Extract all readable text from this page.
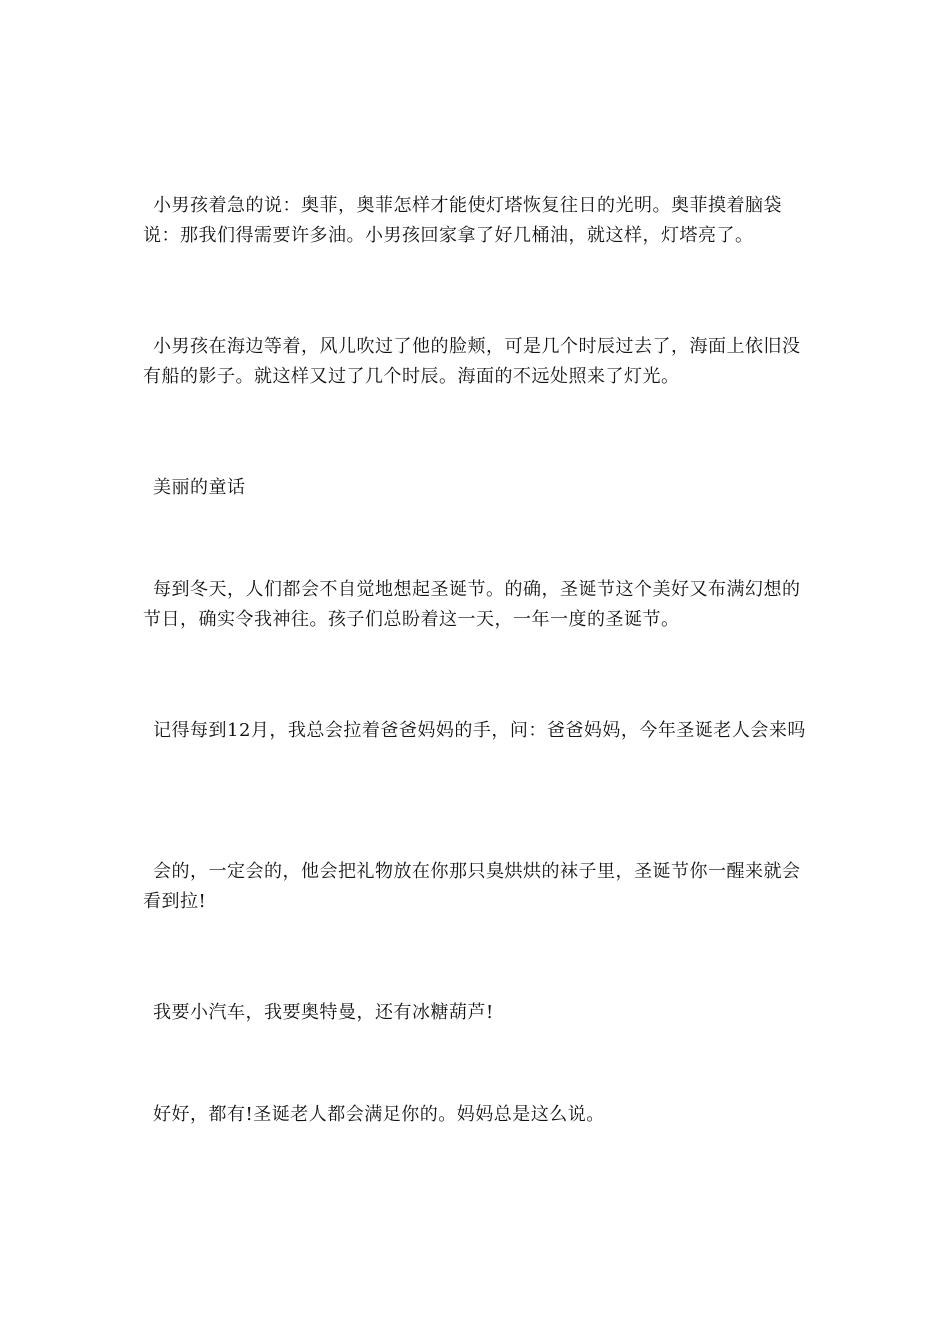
小男孩着急的说：奥菲，奥菲怎样才能使灯塔恢复往日的光明。奥菲摸着脑袋说：那我们得需要许多油。小男孩回家拿了好几桶油，就这样，灯塔亮了。

小男孩在海边等着，风儿吹过了他的脸颊，可是几个时辰过去了，海面上依旧没有船的影子。就这样又过了几个时辰。海面的不远处照来了灯光。

美丽的童话

每到冬天，人们都会不自觉地想起圣诞节。的确，圣诞节这个美好又布满幻想的节日，确实令我神往。孩子们总盼着这一天，一年一度的圣诞节。

记得每到12月，我总会拉着爸爸妈妈的手，问：爸爸妈妈，今年圣诞老人会来吗

会的，一定会的，他会把礼物放在你那只臭烘烘的袜子里，圣诞节你一醒来就会看到拉!

我要小汽车，我要奥特曼，还有冰糖葫芦!

好好，都有!圣诞老人都会满足你的。妈妈总是这么说。
